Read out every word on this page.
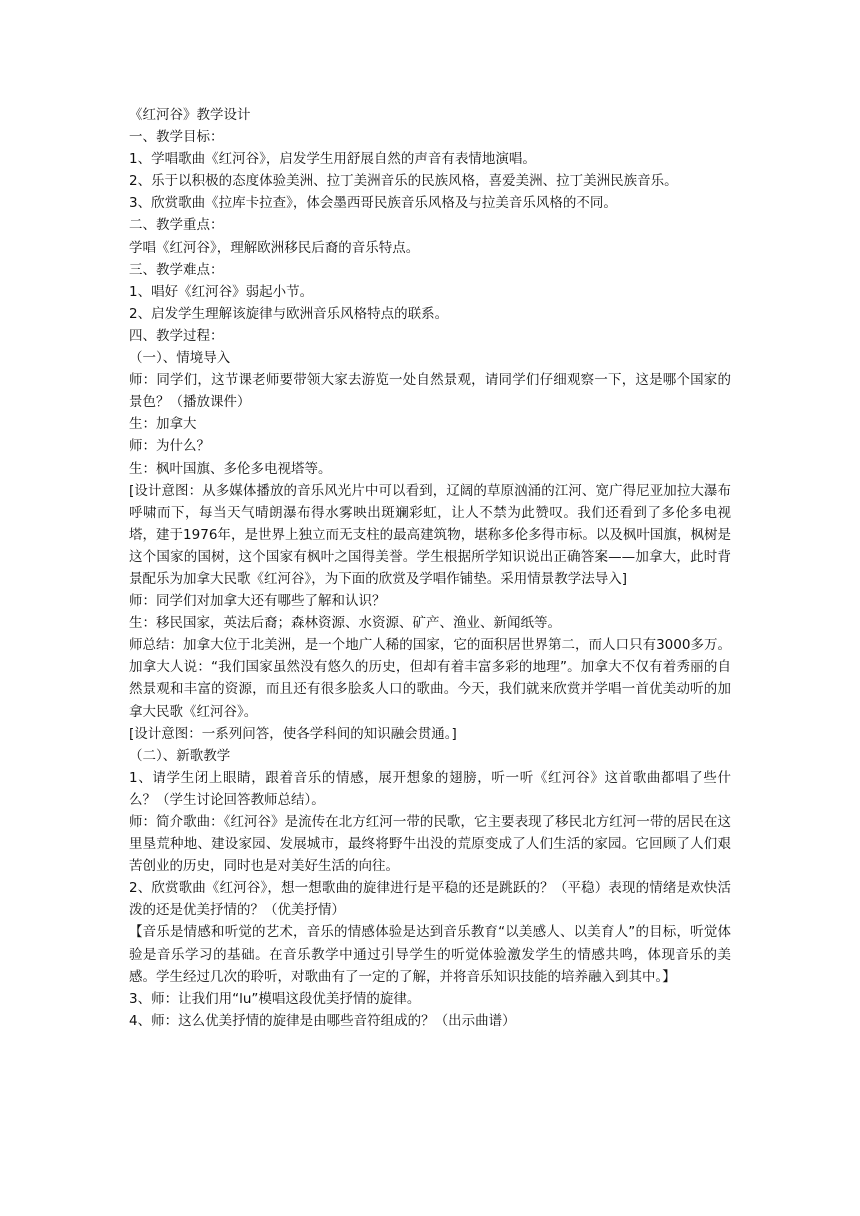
《红河谷》教学设计

一、教学目标：

1、学唱歌曲《红河谷》，启发学生用舒展自然的声音有表情地演唱。

2、乐于以积极的态度体验美洲、拉丁美洲音乐的民族风格，喜爱美洲、拉丁美洲民族音乐。

3、欣赏歌曲《拉库卡拉查》，体会墨西哥民族音乐风格及与拉美音乐风格的不同。

二、教学重点：

学唱《红河谷》，理解欧洲移民后裔的音乐特点。

三、教学难点：

1、唱好《红河谷》弱起小节。

2、启发学生理解该旋律与欧洲音乐风格特点的联系。

四、教学过程：

（一）、情境导入

师：同学们，这节课老师要带领大家去游览一处自然景观，请同学们仔细观察一下，这是哪个国家的景色？（播放课件）

生：加拿大

师：为什么？

生：枫叶国旗、多伦多电视塔等。

[设计意图：从多媒体播放的音乐风光片中可以看到，辽阔的草原汹涌的江河、宽广得尼亚加拉大瀑布呼啸而下，每当天气晴朗瀑布得水雾映出斑斓彩虹，让人不禁为此赞叹。我们还看到了多伦多电视塔，建于1976年，是世界上独立而无支柱的最高建筑物，堪称多伦多得市标。以及枫叶国旗，枫树是这个国家的国树，这个国家有枫叶之国得美誉。学生根据所学知识说出正确答案——加拿大，此时背景配乐为加拿大民歌《红河谷》，为下面的欣赏及学唱作铺垫。采用情景教学法导入]

师：同学们对加拿大还有哪些了解和认识？

生：移民国家，英法后裔；森林资源、水资源、矿产、渔业、新闻纸等。

师总结：加拿大位于北美洲，是一个地广人稀的国家，它的面积居世界第二，而人口只有3000多万。加拿大人说：“我们国家虽然没有悠久的历史，但却有着丰富多彩的地理”。加拿大不仅有着秀丽的自然景观和丰富的资源，而且还有很多脍炙人口的歌曲。今天，我们就来欣赏并学唱一首优美动听的加拿大民歌《红河谷》。

[设计意图：一系列问答，使各学科间的知识融会贯通。]

（二）、新歌教学

1、请学生闭上眼睛，跟着音乐的情感，展开想象的翅膀，听一听《红河谷》这首歌曲都唱了些什么？（学生讨论回答教师总结）。

师：简介歌曲：《红河谷》是流传在北方红河一带的民歌，它主要表现了移民北方红河一带的居民在这里垦荒种地、建设家园、发展城市，最终将野牛出没的荒原变成了人们生活的家园。它回顾了人们艰苦创业的历史，同时也是对美好生活的向往。

2、欣赏歌曲《红河谷》，想一想歌曲的旋律进行是平稳的还是跳跃的？（平稳）表现的情绪是欢快活泼的还是优美抒情的？（优美抒情）

【音乐是情感和听觉的艺术，音乐的情感体验是达到音乐教育“以美感人、以美育人”的目标，听觉体验是音乐学习的基础。在音乐教学中通过引导学生的听觉体验激发学生的情感共鸣，体现音乐的美感。学生经过几次的聆听，对歌曲有了一定的了解，并将音乐知识技能的培养融入到其中。】

3、师：让我们用“lu”模唱这段优美抒情的旋律。

4、师：这么优美抒情的旋律是由哪些音符组成的？（出示曲谱）
